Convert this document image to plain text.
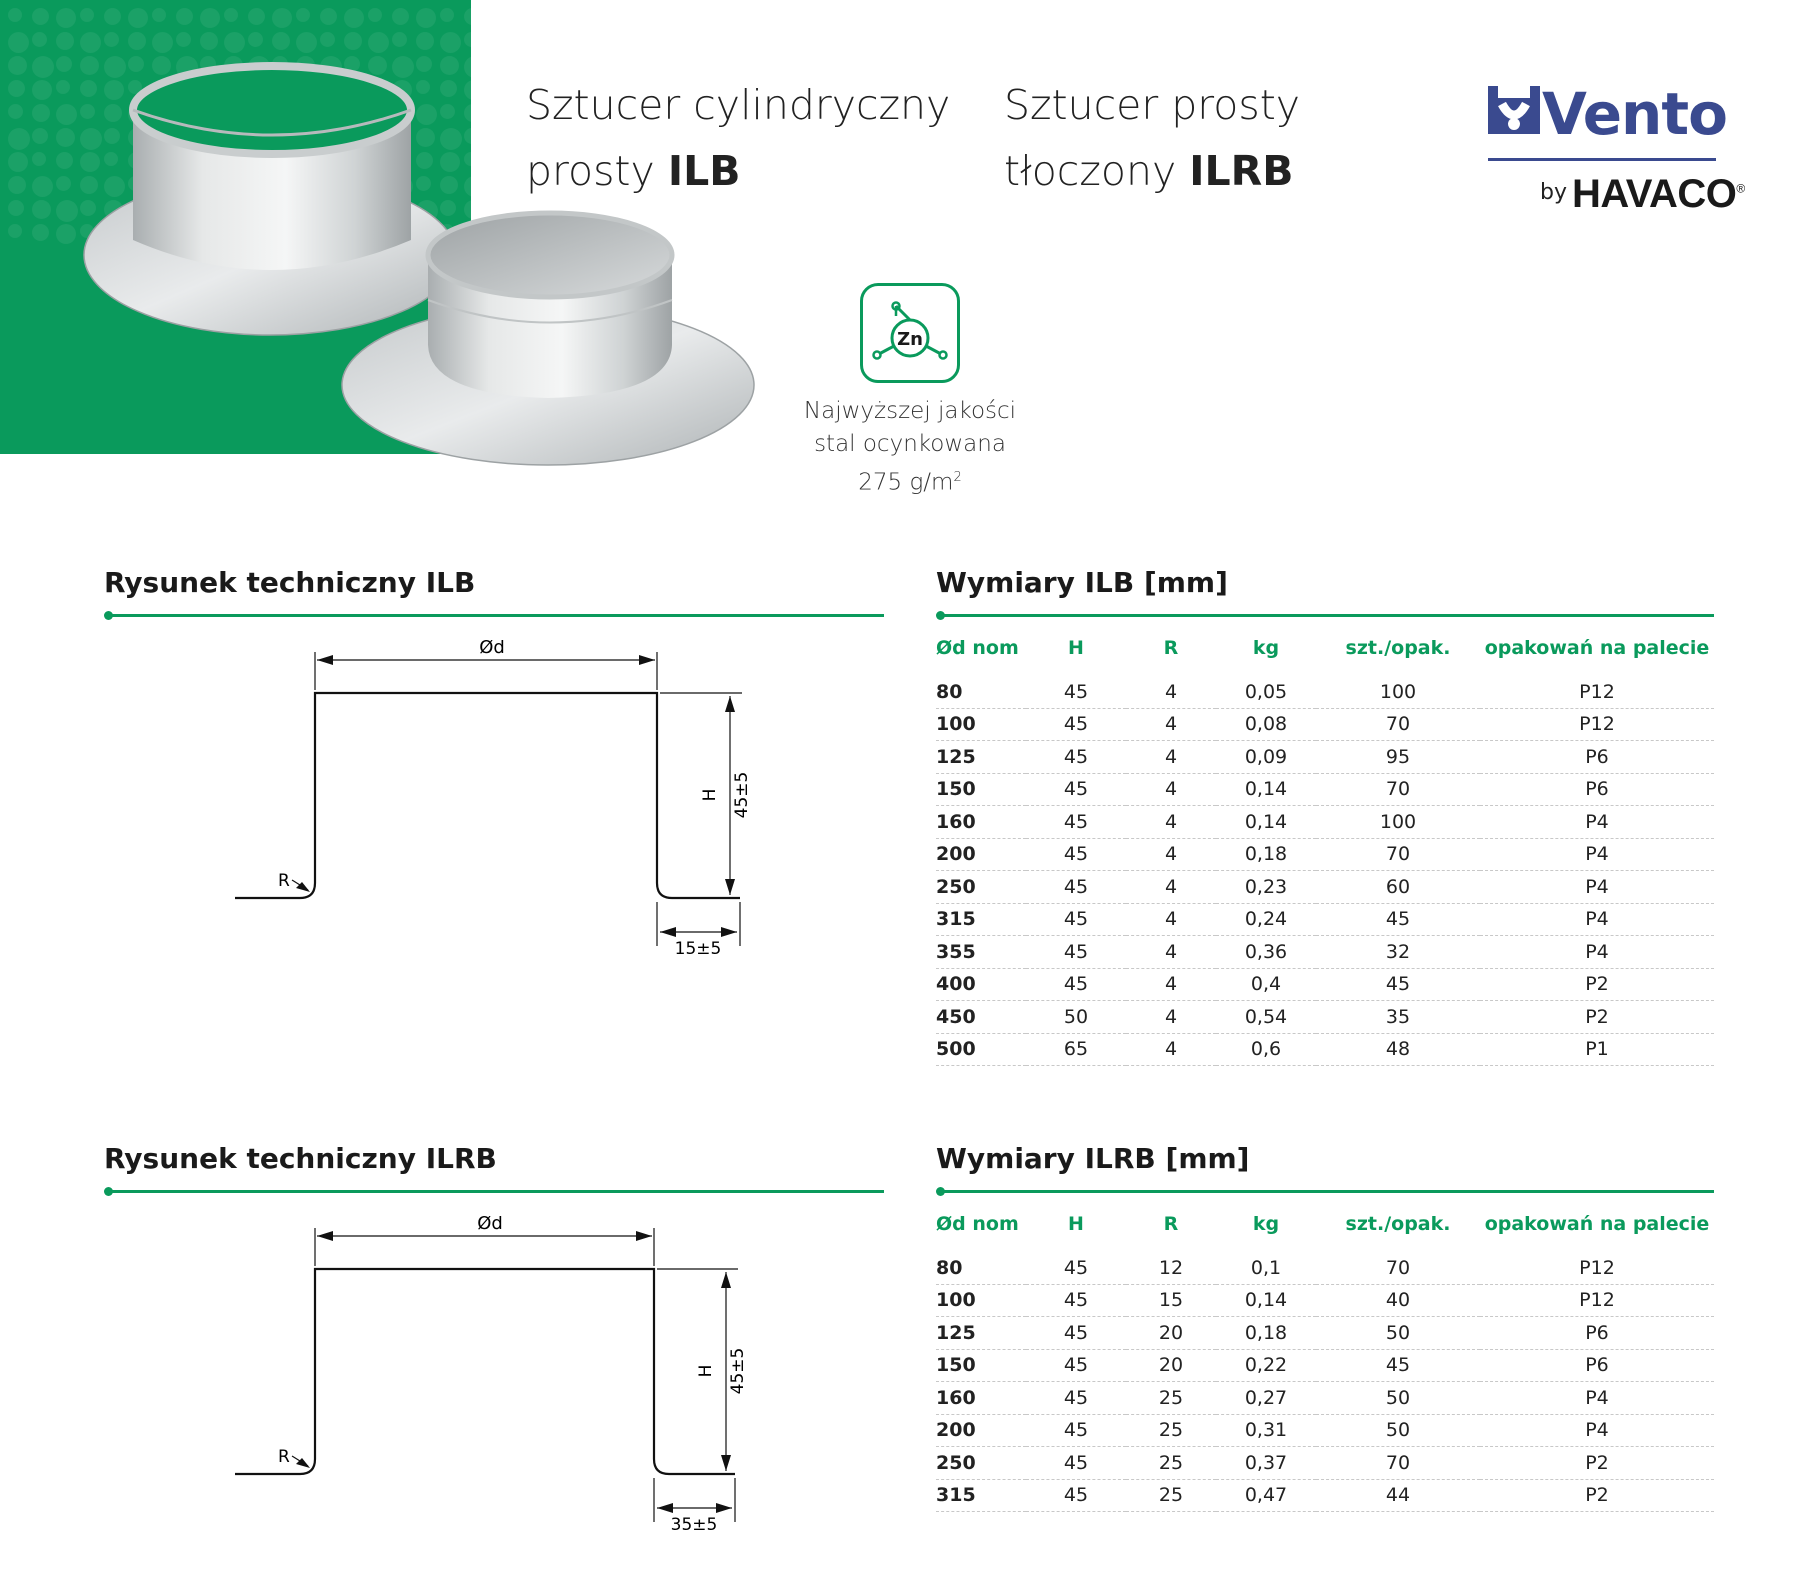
Sztucer cylindryczny
prosty ILB
Sztucer prosty
tłoczony ILRB
Vento
by HAVACO®
Zn
Najwyższej jakości
stal ocynkowana
275 $g/m^2$
Rysunek techniczny ILB	Wymiary ILB [mm]
Ød
H 45±5
R
15±5
Ød nom	H	R	kg	szt./opak.	opakowań na palecie

80	45	4	0,05	100	P12
100	45	4	0,08	70	P12
125	45	4	0,09	95	P6
150	45	4	0,14	70	P6
160	45	4	0,14	100	P4
200	45	4	0,18	70	P4
250	45	4	0,23	60	P4
315	45	4	0,24	45	P4
355	45	4	0,36	32	P4
400	45	4	0,4	45	P2
450	50	4	0,54	35	P2
500	65	4	0,6	48	P1
Rysunek techniczny ILRB	Wymiary ILRB [mm]
Ød
H 45±5
R
35±5
Ød nom	H	R	kg	szt./opak.	opakowań na palecie

80	45	12	0,1	70	P12
100	45	15	0,14	40	P12
125	45	20	0,18	50	P6
150	45	20	0,22	45	P6
160	45	25	0,27	50	P4
200	45	25	0,31	50	P4
250	45	25	0,37	70	P2
315	45	25	0,47	44	P2
